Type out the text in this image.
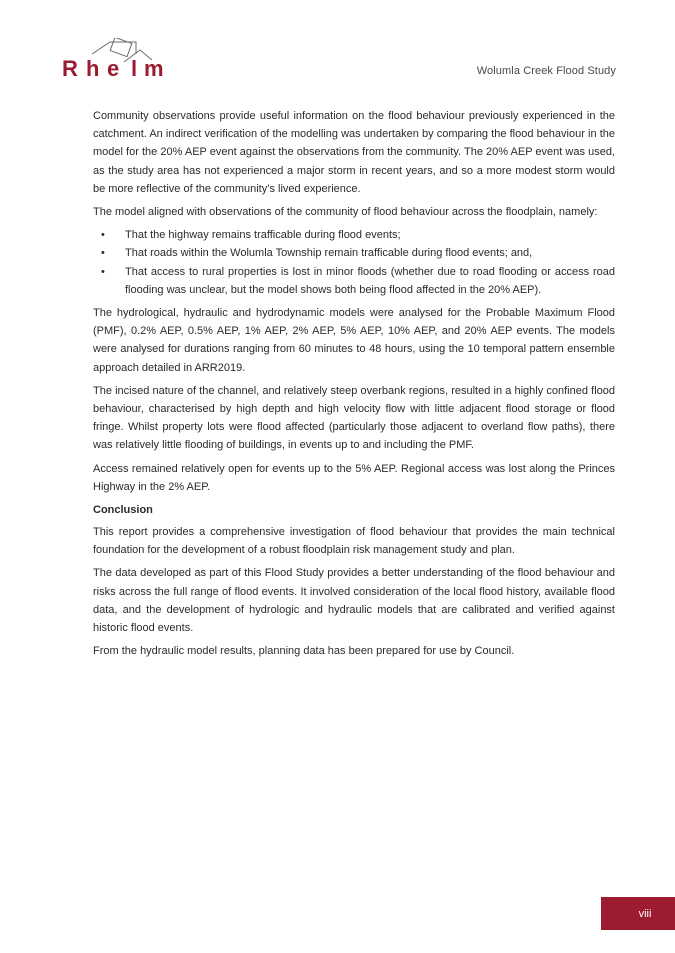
R h e l m	Wolumla Creek Flood Study

Community observations provide useful information on the flood behaviour previously experienced in the catchment. An indirect verification of the modelling was undertaken by comparing the flood behaviour in the model for the 20% AEP event against the observations from the community. The 20% AEP event was used, as the study area has not experienced a major storm in recent years, and so a more modest storm would be more reflective of the community’s lived experience.

The model aligned with observations of the community of flood behaviour across the floodplain, namely:

• That the highway remains trafficable during flood events;
• That roads within the Wolumla Township remain trafficable during flood events; and,
• That access to rural properties is lost in minor floods (whether due to road flooding or access road flooding was unclear, but the model shows both being flood affected in the 20% AEP).

The hydrological, hydraulic and hydrodynamic models were analysed for the Probable Maximum Flood (PMF), 0.2% AEP, 0.5% AEP, 1% AEP, 2% AEP, 5% AEP, 10% AEP, and 20% AEP events. The models were analysed for durations ranging from 60 minutes to 48 hours, using the 10 temporal pattern ensemble approach detailed in ARR2019.

The incised nature of the channel, and relatively steep overbank regions, resulted in a highly confined flood behaviour, characterised by high depth and high velocity flow with little adjacent flood storage or flood fringe. Whilst property lots were flood affected (particularly those adjacent to overland flow paths), there was relatively little flooding of buildings, in events up to and including the PMF.

Access remained relatively open for events up to the 5% AEP. Regional access was lost along the Princes Highway in the 2% AEP.

Conclusion

This report provides a comprehensive investigation of flood behaviour that provides the main technical foundation for the development of a robust floodplain risk management study and plan.

The data developed as part of this Flood Study provides a better understanding of the flood behaviour and risks across the full range of flood events. It involved consideration of the local flood history, available flood data, and the development of hydrologic and hydraulic models that are calibrated and verified against historic flood events.

From the hydraulic model results, planning data has been prepared for use by Council.

viii
